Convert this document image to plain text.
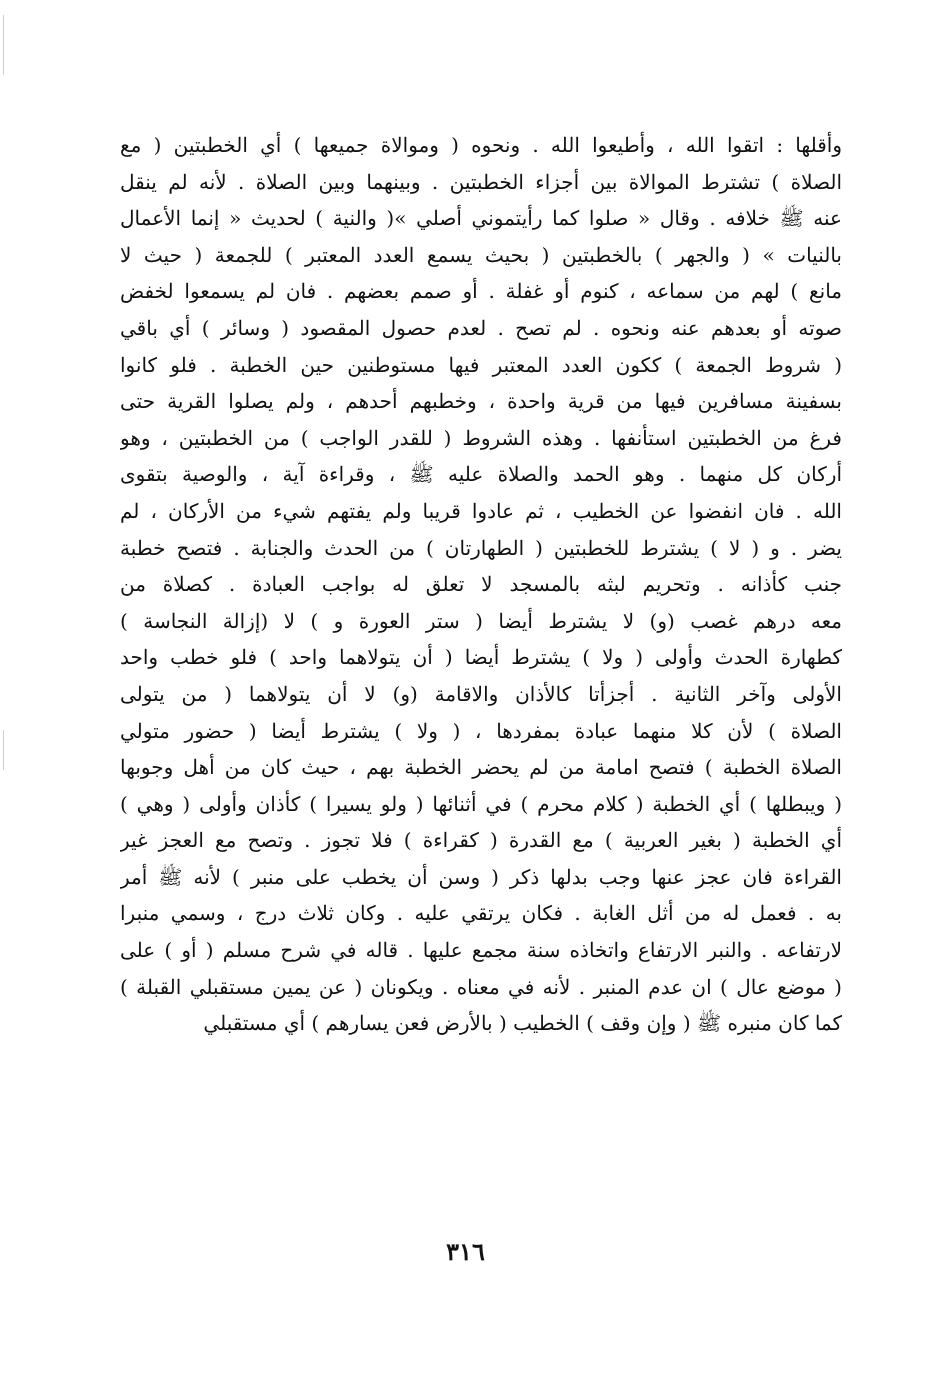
وأقلها : اتقوا الله ، وأطيعوا الله . ونحوه ( وموالاة جميعها ) أي الخطبتين ( مع
الصلاة ) تشترط الموالاة بين أجزاء الخطبتين . وبينهما وبين الصلاة . لأنه لم ينقل
عنه ﷺ خلافه . وقال « صلوا كما رأيتموني أصلي »( والنية ) لحديث « إنما الأعمال
بالنيات » ( والجهر ) بالخطبتين ( بحيث يسمع العدد المعتبر ) للجمعة ( حيث لا
مانع ) لهم من سماعه ، كنوم أو غفلة . أو صمم بعضهم . فان لم يسمعوا لخفض
صوته أو بعدهم عنه ونحوه . لم تصح . لعدم حصول المقصود ( وسائر ) أي باقي
( شروط الجمعة ) ككون العدد المعتبر فيها مستوطنين حين الخطبة . فلو كانوا
بسفينة مسافرين فيها من قرية واحدة ، وخطبهم أحدهم ، ولم يصلوا القرية حتى
فرغ من الخطبتين استأنفها . وهذه الشروط ( للقدر الواجب ) من الخطبتين ، وهو
أركان كل منهما . وهو الحمد والصلاة عليه ﷺ ، وقراءة آية ، والوصية بتقوى
الله . فان انفضوا عن الخطيب ، ثم عادوا قريبا ولم يفتهم شيء من الأركان ، لم
يضر . و ( لا ) يشترط للخطبتين ( الطهارتان ) من الحدث والجنابة . فتصح خطبة
جنب كأذانه . وتحريم لبثه بالمسجد لا تعلق له بواجب العبادة . كصلاة من
معه درهم غصب (و) لا يشترط أيضا ( ستر العورة و ) لا (إزالة النجاسة )
كطهارة الحدث وأولى ( ولا ) يشترط أيضا ( أن يتولاهما واحد ) فلو خطب واحد
الأولى وآخر الثانية . أجزأتا كالأذان والاقامة (و) لا أن يتولاهما ( من يتولى
الصلاة ) لأن كلا منهما عبادة بمفردها ، ( ولا ) يشترط أيضا ( حضور متولي
الصلاة الخطبة ) فتصح امامة من لم يحضر الخطبة بهم ، حيث كان من أهل وجوبها
( ويبطلها ) أي الخطبة ( كلام محرم ) في أثنائها ( ولو يسيرا ) كأذان وأولى ( وهي )
أي الخطبة ( بغير العربية ) مع القدرة ( كقراءة ) فلا تجوز . وتصح مع العجز غير
القراءة فان عجز عنها وجب بدلها ذكر ( وسن أن يخطب على منبر ) لأنه ﷺ أمر
به . فعمل له من أثل الغابة . فكان يرتقي عليه . وكان ثلاث درج ، وسمي منبرا
لارتفاعه . والنبر الارتفاع واتخاذه سنة مجمع عليها . قاله في شرح مسلم ( أو ) على
( موضع عال ) ان عدم المنبر . لأنه في معناه . ويكونان ( عن يمين مستقبلي القبلة )
كما كان منبره ﷺ ( وإن وقف ) الخطيب ( بالأرض فعن يسارهم ) أي مستقبلي
٣١٦
